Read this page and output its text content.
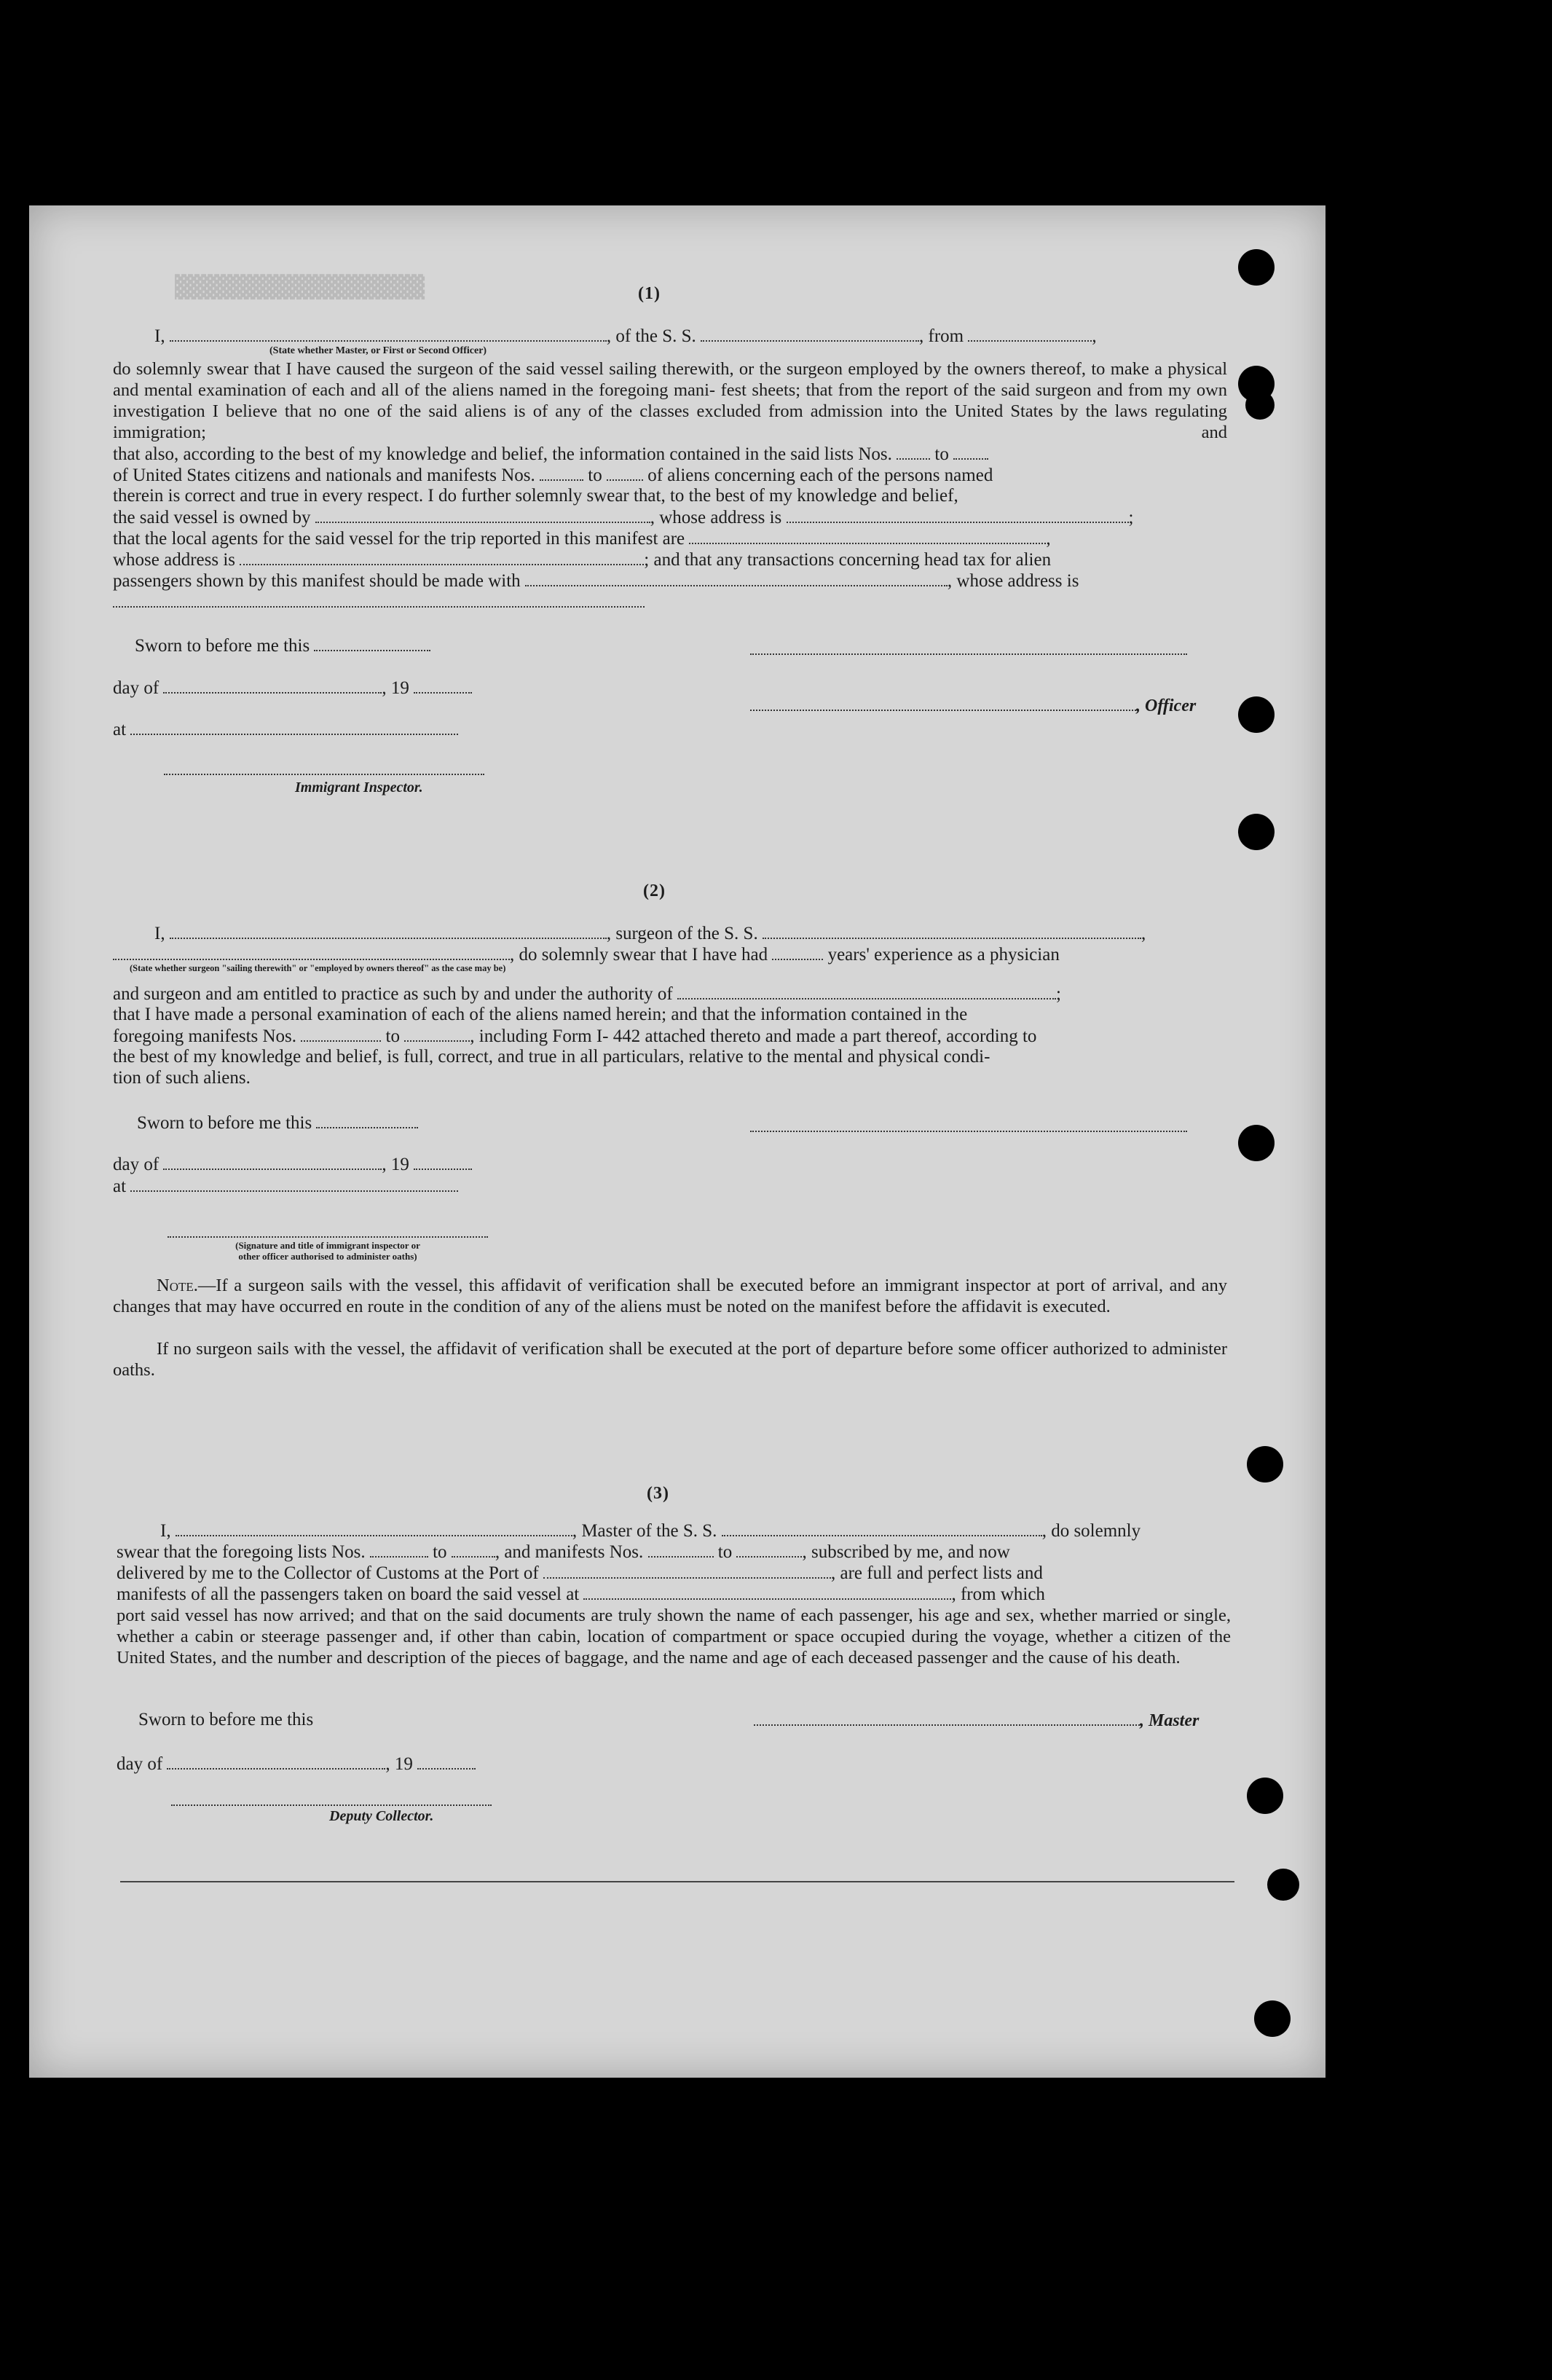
▓▓▓▓▓▓▓▓▓▓▓▓▓▓▓▓▓▓▓	(1)
I,	, of the S. S.	, from	,
(State whether Master, or First or Second Officer)
do solemnly swear that I have caused the surgeon of the said vessel sailing therewith, or the surgeon employed by the owners thereof, to make a physical and mental examination of each and all of the aliens named in the foregoing mani- fest sheets; that from the report of the said surgeon and from my own investigation I believe that no one of the said aliens is of any of the classes excluded from admission into the United States by the laws regulating immigration; and
that also, according to the best of my knowledge and belief, the information contained in the said lists Nos. to
of United States citizens and nationals and manifests Nos.	to	of aliens concerning each of the persons named
therein is correct and true in every respect. I do further solemnly swear that, to the best of my knowledge and belief,
the said vessel is owned by	, whose address is	;
that the local agents for the said vessel for the trip reported in this manifest are	,
whose address is	; and that any transactions concerning head tax for alien
passengers shown by this manifest should be made with	, whose address is
Sworn to before me this
day of	, 19
, Officer
at
Immigrant Inspector.
(2)
I,	, surgeon of the S. S.	,
, do solemnly swear that I have had	years' experience as a physician
(State whether surgeon "sailing therewith" or "employed by owners thereof" as the case may be)
and surgeon and am entitled to practice as such by and under the authority of	;
that I have made a personal examination of each of the aliens named herein; and that the information contained in the
foregoing manifests Nos.	to	, including Form I- 442 attached thereto and made a part thereof, according to
the best of my knowledge and belief, is full, correct, and true in all particulars, relative to the mental and physical condi-
tion of such aliens.
Sworn to before me this
day of	, 19
at
(Signature and title of immigrant inspector or
other officer authorised to administer oaths)
Note.—If a surgeon sails with the vessel, this affidavit of verification shall be executed before an immigrant inspector at port of arrival, and any changes that may have occurred en route in the condition of any of the aliens must be noted on the manifest before the affidavit is executed.
If no surgeon sails with the vessel, the affidavit of verification shall be executed at the port of departure before some officer authorized to administer oaths.
(3)
I,	, Master of the S. S.	, do solemnly
swear that the foregoing lists Nos.	to	, and manifests Nos.	to	, subscribed by me, and now
delivered by me to the Collector of Customs at the Port of	, are full and perfect lists and
manifests of all the passengers taken on board the said vessel at	, from which
port said vessel has now arrived; and that on the said documents are truly shown the name of each passenger, his age and sex, whether married or single, whether a cabin or steerage passenger and, if other than cabin, location of compartment or space occupied during the voyage, whether a citizen of the United States, and the number and description of the pieces of baggage, and the name and age of each deceased passenger and the cause of his death.
Sworn to before me this	, Master
day of	, 19
Deputy Collector.
